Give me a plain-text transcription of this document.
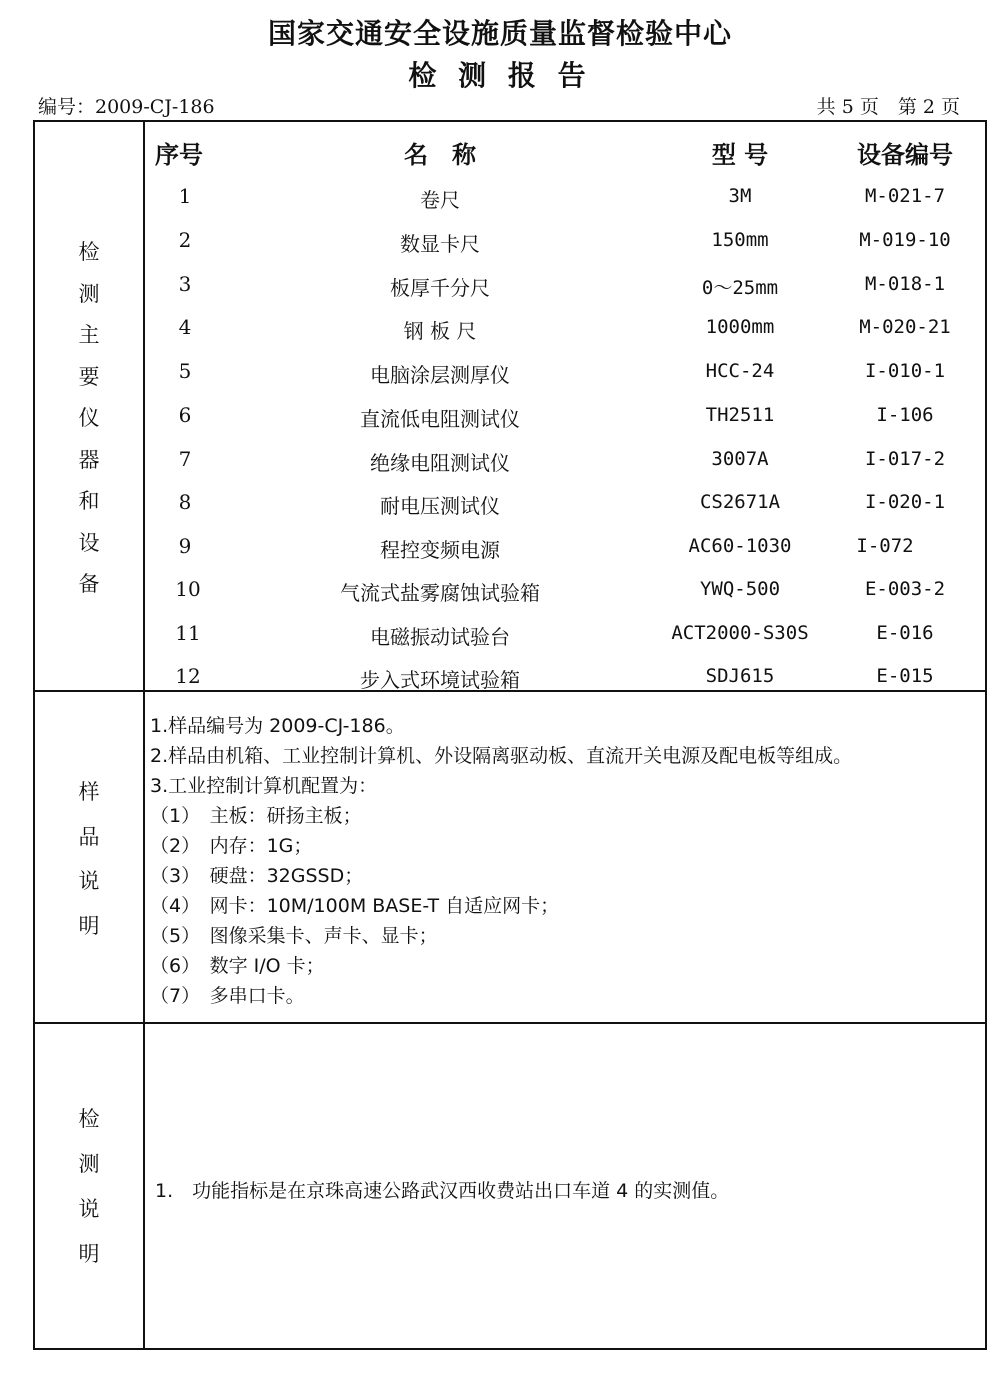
国家交通安全设施质量监督检验中心
检 测 报 告
编号：2009-CJ-186	共 5 页　第 2 页
检
测
主
要
仪
器
和
设
备
序号	名　称	型 号	设备编号
1	卷尺	3M	M-021-7
2	数显卡尺	150mm	M-019-10
3	板厚千分尺	0～25mm	M-018-1
4	钢 板 尺	1000mm	M-020-21
5	电脑涂层测厚仪	HCC-24	I-010-1
6	直流低电阻测试仪	TH2511	I-106
7	绝缘电阻测试仪	3007A	I-017-2
8	耐电压测试仪	CS2671A	I-020-1
9	程控变频电源	AC60-1030	I-072
10	气流式盐雾腐蚀试验箱	YWQ-500	E-003-2
11	电磁振动试验台	ACT2000-S30S	E-016
12	步入式环境试验箱	SDJ615	E-015
样
品
说
明
1.样品编号为 2009-CJ-186。
2.样品由机箱、工业控制计算机、外设隔离驱动板、直流开关电源及配电板等组成。
3.工业控制计算机配置为：
（1）　主板：研扬主板；
（2）　内存：1G；
（3）　硬盘：32GSSD；
（4）　网卡：10M/100M BASE-T 自适应网卡；
（5）　图像采集卡、声卡、显卡；
（6）　数字 I/O 卡；
（7）　多串口卡。
检
测
说
明
1.　功能指标是在京珠高速公路武汉西收费站出口车道 4 的实测值。
